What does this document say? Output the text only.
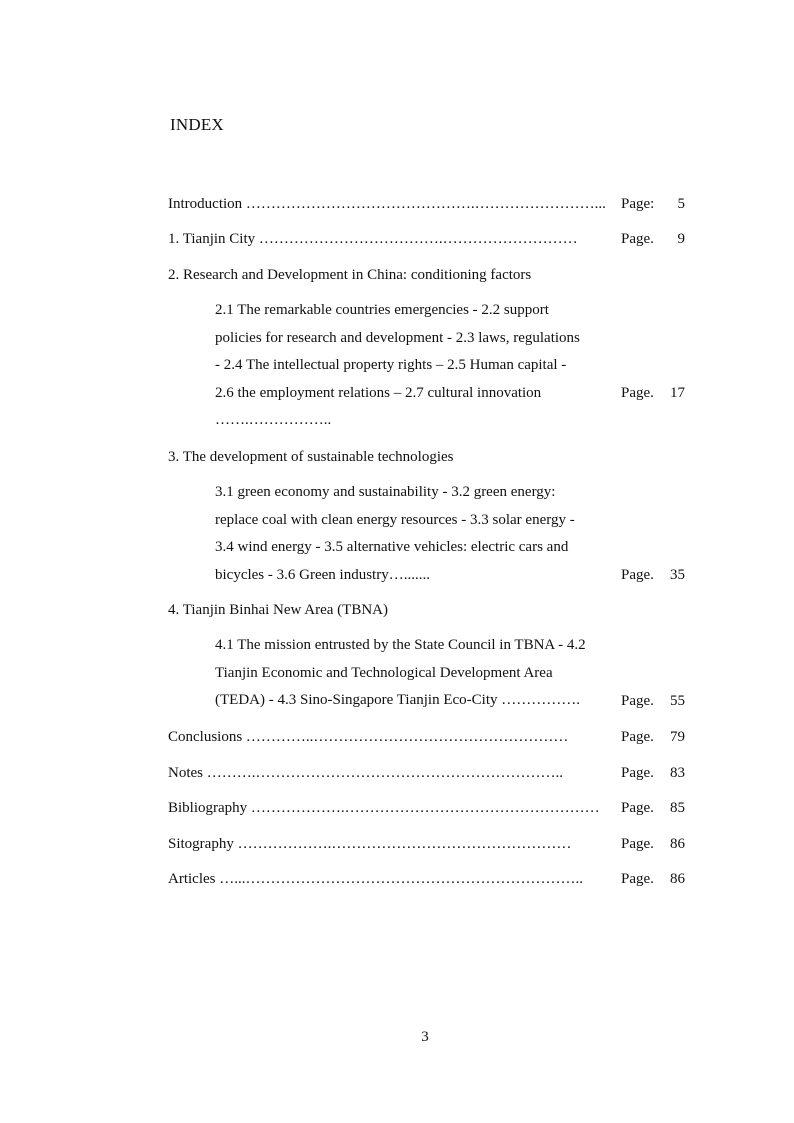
INDEX
Introduction ……………………………………….……………………... Page: 5
1. Tianjin City ……………………………….………………………	Page. 9
2. Research and Development in China: conditioning factors
2.1 The remarkable countries emergencies - 2.2 support
policies for research and development - 2.3 laws, regulations
- 2.4 The intellectual property rights – 2.5 Human capital -
2.6 the employment relations – 2.7 cultural innovation
…….……………..
Page. 17
3. The development of sustainable technologies
3.1 green economy and sustainability - 3.2 green energy:
replace coal with clean energy resources - 3.3 solar energy -
3.4 wind energy - 3.5 alternative vehicles: electric cars and
bicycles - 3.6 Green industry….......	Page. 35
4. Tianjin Binhai New Area (TBNA)
4.1 The mission entrusted by the State Council in TBNA - 4.2
Tianjin Economic and Technological Development Area
(TEDA) - 4.3 Sino-Singapore Tianjin Eco-City …………….	Page. 55
Conclusions …………..……………………………………………	Page. 79
Notes ……….……………………………………………………..	Page. 83
Bibliography ……………….…………………………………………… Page. 85
Sitography ……………….…………………………………………	Page. 86
Articles …...…………………………………………………………..	Page. 86
3
